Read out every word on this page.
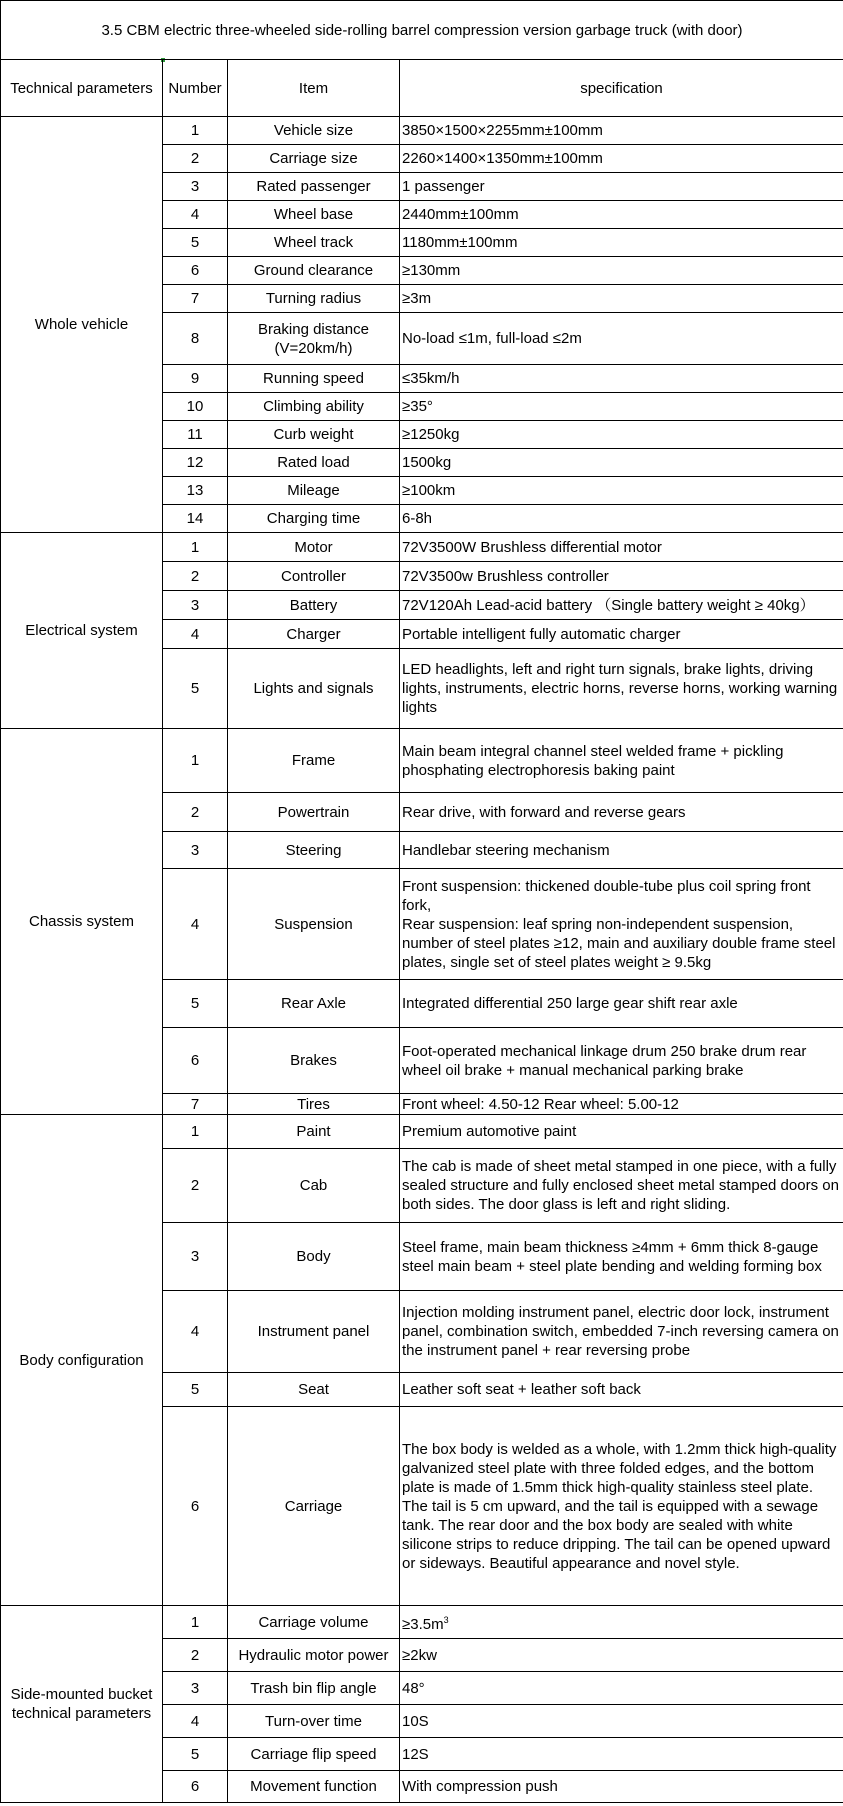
3.5 CBM electric three-wheeled side-rolling barrel compression version garbage truck (with door)			
Technical parameters	Number	Item	specification
Whole vehicle	1	Vehicle size	3850×1500×2255mm±100mm
	2	Carriage size	2260×1400×1350mm±100mm
	3	Rated passenger	1 passenger
	4	Wheel base	2440mm±100mm
	5	Wheel track	1180mm±100mm
	6	Ground clearance	≥130mm
	7	Turning radius	≥3m
	8	Braking distance (V=20km/h)	No-load ≤1m, full-load ≤2m
	9	Running speed	≤35km/h
	10	Climbing ability	≥35°
	11	Curb weight	≥1250kg
	12	Rated load	1500kg
	13	Mileage	≥100km
	14	Charging time	6-8h
Electrical system	1	Motor	72V3500W Brushless differential motor
	2	Controller	72V3500w Brushless controller
	3	Battery	72V120Ah Lead-acid battery （Single battery weight ≥ 40kg）
	4	Charger	Portable intelligent fully automatic charger
	5	Lights and signals	LED headlights, left and right turn signals, brake lights, driving lights, instruments, electric horns, reverse horns, working warning lights
Chassis system	1	Frame	Main beam integral channel steel welded frame + pickling phosphating electrophoresis baking paint
	2	Powertrain	Rear drive, with forward and reverse gears
	3	Steering	Handlebar steering mechanism
	4	Suspension	Front suspension: thickened double-tube plus coil spring front fork,
Rear suspension: leaf spring non-independent suspension, number of steel plates ≥12, main and auxiliary double frame steel plates, single set of steel plates weight ≥ 9.5kg
	5	Rear Axle	Integrated differential 250 large gear shift rear axle
	6	Brakes	Foot-operated mechanical linkage drum 250 brake drum rear wheel oil brake + manual mechanical parking brake
	7	Tires	Front wheel: 4.50-12 Rear wheel: 5.00-12
Body configuration	1	Paint	Premium automotive paint
	2	Cab	The cab is made of sheet metal stamped in one piece, with a fully sealed structure and fully enclosed sheet metal stamped doors on both sides. The door glass is left and right sliding.
	3	Body	Steel frame, main beam thickness ≥4mm + 6mm thick 8-gauge steel main beam + steel plate bending and welding forming box
	4	Instrument panel	Injection molding instrument panel, electric door lock, instrument panel, combination switch, embedded 7-inch reversing camera on the instrument panel + rear reversing probe
	5	Seat	Leather soft seat + leather soft back
	6	Carriage	The box body is welded as a whole, with 1.2mm thick high-quality galvanized steel plate with three folded edges, and the bottom plate is made of 1.5mm thick high-quality stainless steel plate. The tail is 5 cm upward, and the tail is equipped with a sewage tank. The rear door and the box body are sealed with white silicone strips to reduce dripping. The tail can be opened upward or sideways. Beautiful appearance and novel style.
Side-mounted bucket technical parameters	1	Carriage volume	$\ge 3.5m^3$
	2	Hydraulic motor power	≥2kw
	3	Trash bin flip angle	48°
	4	Turn-over time	10S
	5	Carriage flip speed	12S
	6	Movement function	With compression push
